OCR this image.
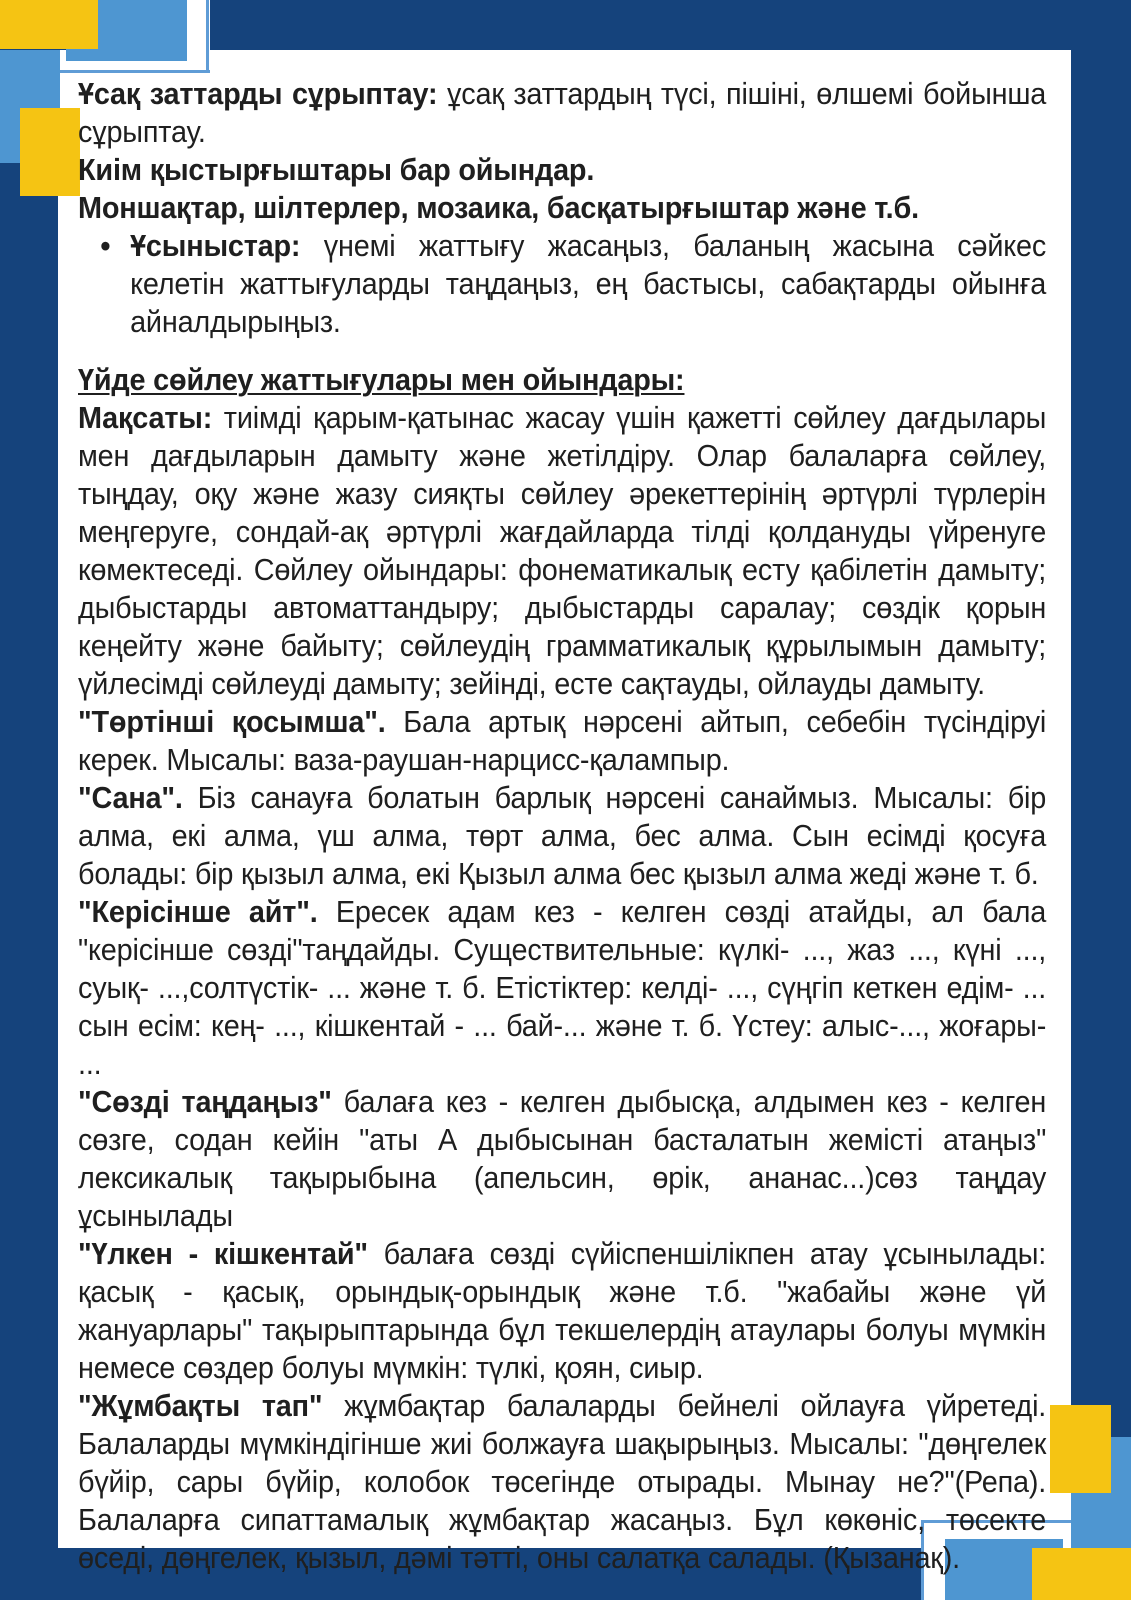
Ұсақ заттарды сұрыптау: ұсақ заттардың түсі, пішіні, өлшемі бойынша сұрыптау.
Киім қыстырғыштары бар ойындар.
Моншақтар, шілтерлер, мозаика, басқатырғыштар және т.б.
• Ұсыныстар: үнемі жаттығу жасаңыз, баланың жасына сәйкес келетін жаттығуларды таңдаңыз, ең бастысы, сабақтарды ойынға айналдырыңыз.
Үйде сөйлеу жаттығулары мен ойындары:
Мақсаты: тиімді қарым-қатынас жасау үшін қажетті сөйлеу дағдылары мен дағдыларын дамыту және жетілдіру. Олар балаларға сөйлеу, тыңдау, оқу және жазу сияқты сөйлеу әрекеттерінің әртүрлі түрлерін меңгеруге, сондай-ақ әртүрлі жағдайларда тілді қолдануды үйренуге көмектеседі. Сөйлеу ойындары: фонематикалық есту қабілетін дамыту; дыбыстарды автоматтандыру; дыбыстарды саралау; сөздік қорын кеңейту және байыту; сөйлеудің грамматикалық құрылымын дамыту; үйлесімді сөйлеуді дамыту; зейінді, есте сақтауды, ойлауды дамыту.
"Төртінші қосымша". Бала артық нәрсені айтып, себебін түсіндіруі керек. Мысалы: ваза-раушан-нарцисс-қалампыр.
"Сана". Біз санауға болатын барлық нәрсені санаймыз. Мысалы: бір алма, екі алма, үш алма, төрт алма, бес алма. Сын есімді қосуға болады: бір қызыл алма, екі Қызыл алма бес қызыл алма жеді және т. б.
"Керісінше айт". Ересек адам кез - келген сөзді атайды, ал бала "керісінше сөзді"таңдайды. Существительные: күлкі- ..., жаз ..., күні ..., суық- ...,солтүстік- ... және т. б. Етістіктер: келді- ..., сүңгіп кеткен едім- ... сын есім: кең- ..., кішкентай - ... бай-... және т. б. Үстеу: алыс-..., жоғары- ...
"Сөзді таңдаңыз" балаға кез - келген дыбысқа, алдымен кез - келген сөзге, содан кейін "аты А дыбысынан басталатын жемісті атаңыз" лексикалық тақырыбына (апельсин, өрік, ананас...)сөз таңдау ұсынылады
"Үлкен - кішкентай" балаға сөзді сүйіспеншілікпен атау ұсынылады: қасық - қасық, орындық-орындық және т.б. "жабайы және үй жануарлары" тақырыптарында бұл текшелердің атаулары болуы мүмкін немесе сөздер болуы мүмкін: түлкі, қоян, сиыр.
"Жұмбақты тап" жұмбақтар балаларды бейнелі ойлауға үйретеді. Балаларды мүмкіндігінше жиі болжауға шақырыңыз. Мысалы: "дөңгелек бүйір, сары бүйір, колобок төсегінде отырады. Мынау не?"(Репа). Балаларға сипаттамалық жұмбақтар жасаңыз. Бұл көкөніс, төсекте өседі, дөңгелек, қызыл, дәмі тәтті, оны салатқа салады. (Қызанақ).
